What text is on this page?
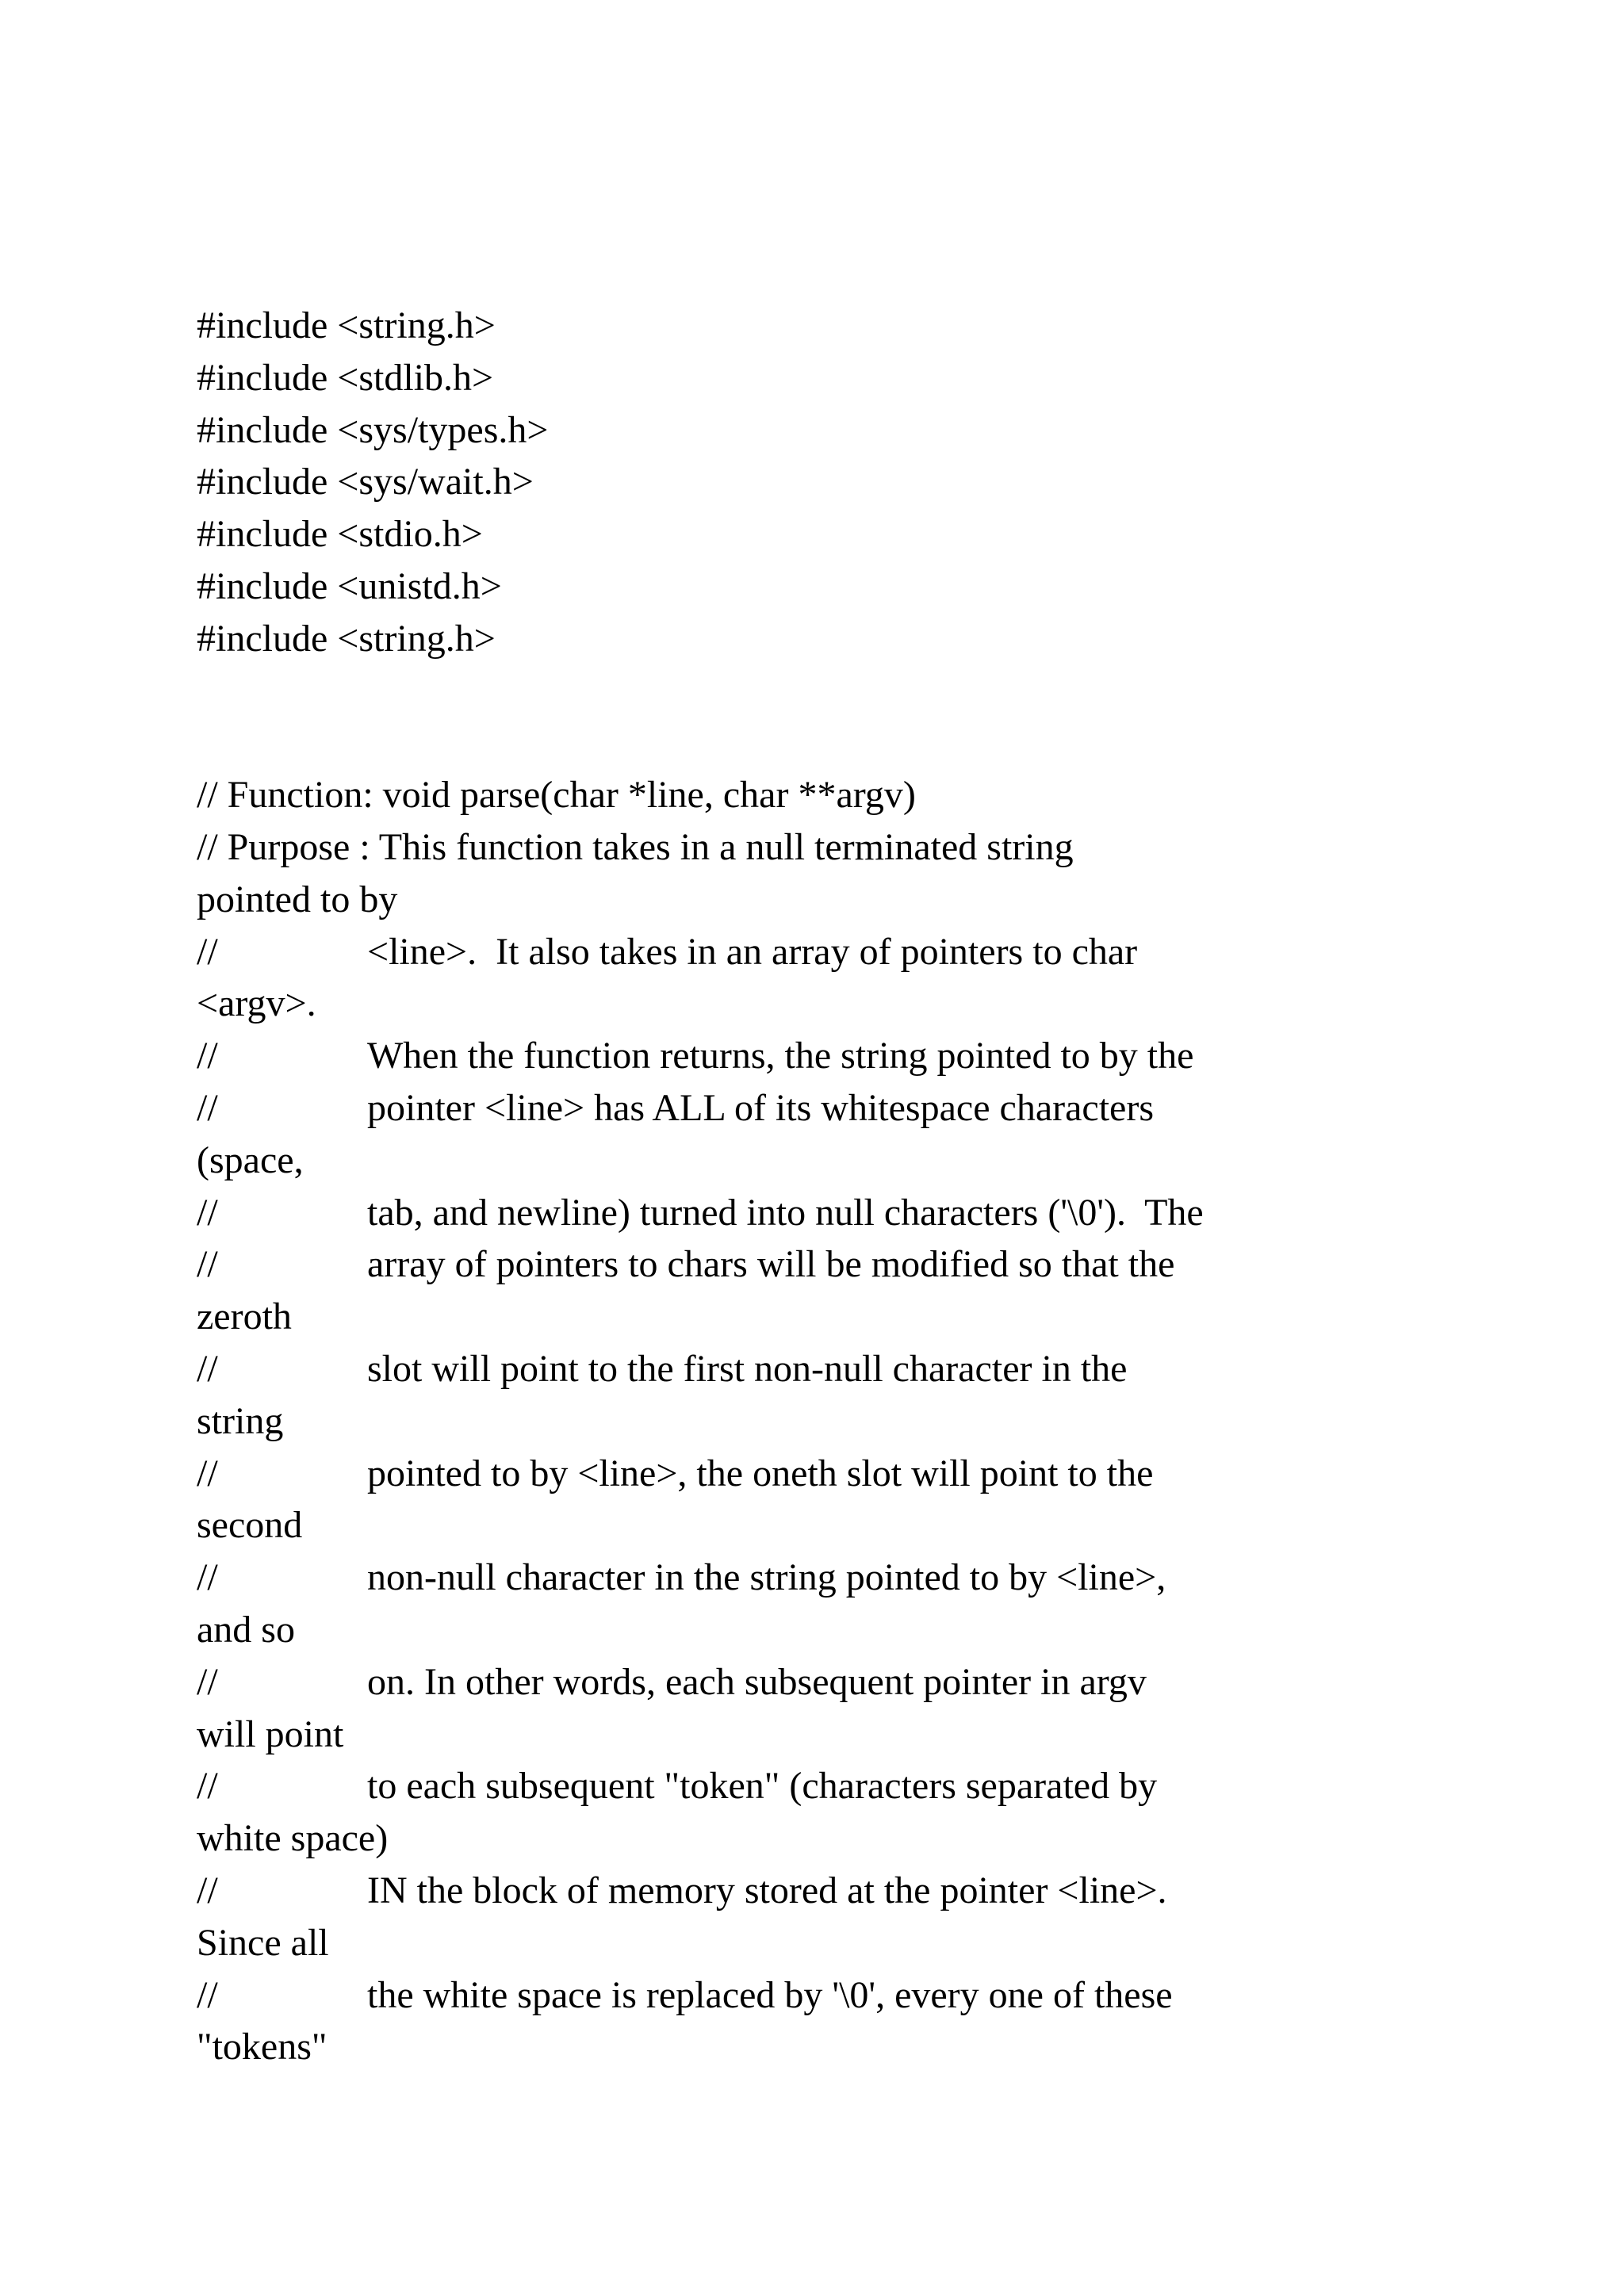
#include <string.h>
#include <stdlib.h>
#include <sys/types.h>
#include <sys/wait.h>
#include <stdio.h>
#include <unistd.h>
#include <string.h>
// Function: void parse(char *line, char **argv)
// Purpose : This function takes in a null terminated string
pointed to by
//	<line>.  It also takes in an array of pointers to char
<argv>.
//	When the function returns, the string pointed to by the
//	pointer <line> has ALL of its whitespace characters
(space,
//	tab, and newline) turned into null characters ('\0').  The
//	array of pointers to chars will be modified so that the
zeroth
//	slot will point to the first non-null character in the
string
//	pointed to by <line>, the oneth slot will point to the
second
//	non-null character in the string pointed to by <line>,
and so
//	on. In other words, each subsequent pointer in argv
will point
//	to each subsequent "token" (characters separated by
white space)
//	IN the block of memory stored at the pointer <line>.
Since all
//	the white space is replaced by '\0', every one of these
"tokens"
